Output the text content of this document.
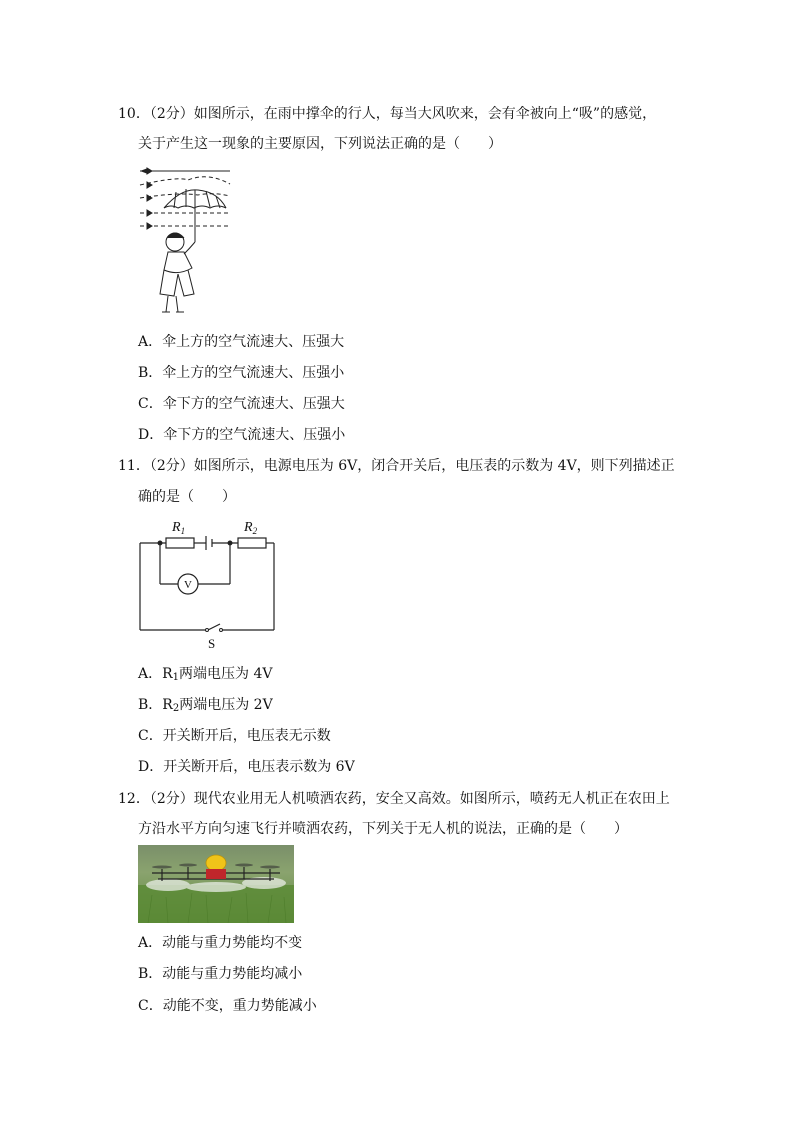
10．（2分）如图所示，在雨中撑伞的行人，每当大风吹来，会有伞被向上“吸”的感觉，
关于产生这一现象的主要原因，下列说法正确的是（　　）
A．伞上方的空气流速大、压强大
B．伞上方的空气流速大、压强小
C．伞下方的空气流速大、压强大
D．伞下方的空气流速大、压强小
11．（2分）如图所示，电源电压为 6V，闭合开关后，电压表的示数为 4V，则下列描述正
确的是（　　）
$R_1$	$R_2$
V
S
A．$R_1$两端电压为 4V
B．$R_2$两端电压为 2V
C．开关断开后，电压表无示数
D．开关断开后，电压表示数为 6V
12．（2分）现代农业用无人机喷洒农药，安全又高效。如图所示，喷药无人机正在农田上
方沿水平方向匀速飞行并喷洒农药，下列关于无人机的说法，正确的是（　　）
A．动能与重力势能均不变
B．动能与重力势能均减小
C．动能不变，重力势能减小
